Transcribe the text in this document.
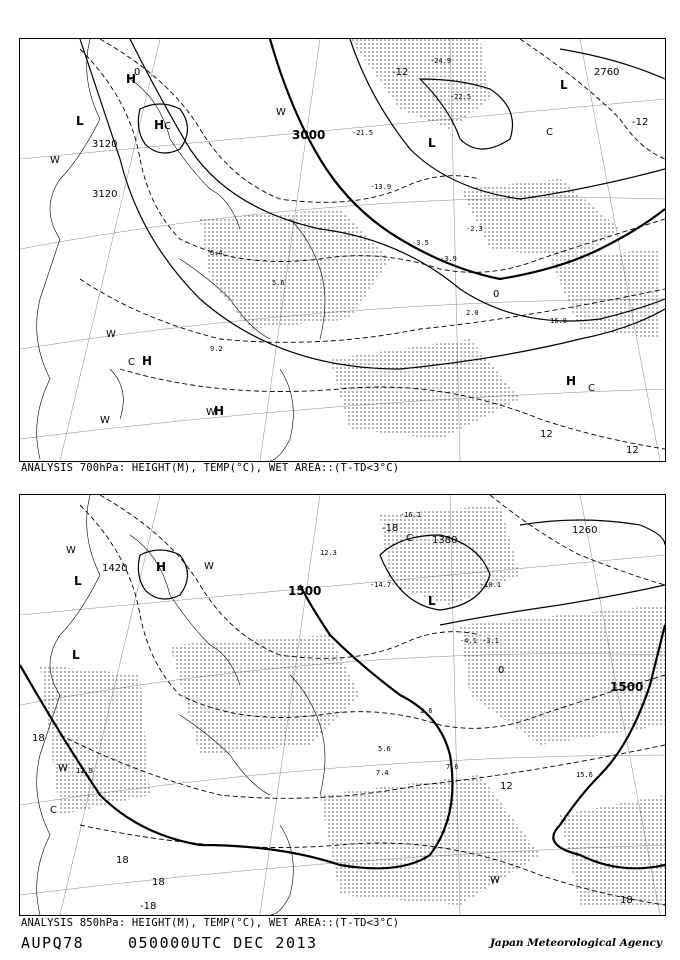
3120
3120
3000
2760
-12
-12
0
12
12
0
H
H
L
L
L
H
H
H
W
W
W
W
W
C
C
C
C
-24.9
-22.5
-21.5
-13.9
-3.5
-3.9
-2.3
2.0
16.0
9.2
6.4
5.6
ANALYSIS 700hPa: HEIGHT(M), TEMP(°C), WET AREA::(T-TD<3°C)
1500
1500
1380
1260
1420
-18
0
18
18
18
12
18
-18
H
L
L
L
W
W
W
W
C
C
-16.1
-14.7	-10.1
-4.1 -3.1
2.6
5.6
7.4
7.6
15.6
11.9
12.3
ANALYSIS 850hPa: HEIGHT(M), TEMP(°C), WET AREA::(T-TD<3°C)
AUPQ78	050000UTC DEC 2013	Japan Meteorological Agency
